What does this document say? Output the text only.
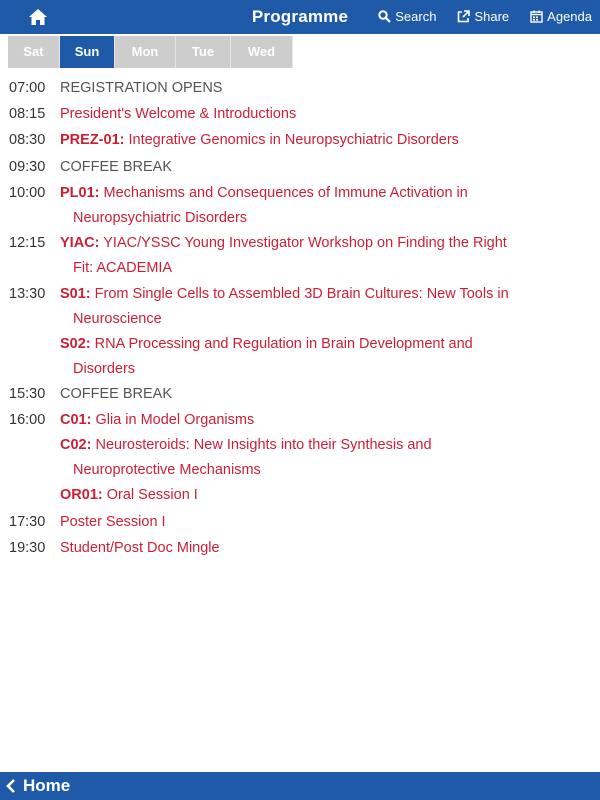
Programme	Search	Share	Agenda
Sat	Sun	Mon	Tue	Wed
07:00	REGISTRATION OPENS
08:15	President's Welcome & Introductions
08:30	PREZ-01: Integrative Genomics in Neuropsychiatric Disorders
09:30	COFFEE BREAK
10:00	PL01: Mechanisms and Consequences of Immune Activation in Neuropsychiatric Disorders
12:15	YIAC: YIAC/YSSC Young Investigator Workshop on Finding the Right Fit: ACADEMIA
13:30	S01: From Single Cells to Assembled 3D Brain Cultures: New Tools in Neuroscience
S02: RNA Processing and Regulation in Brain Development and Disorders
15:30	COFFEE BREAK
16:00	C01: Glia in Model Organisms
C02: Neurosteroids: New Insights into their Synthesis and Neuroprotective Mechanisms
OR01: Oral Session I
17:30	Poster Session I
19:30	Student/Post Doc Mingle
Home
